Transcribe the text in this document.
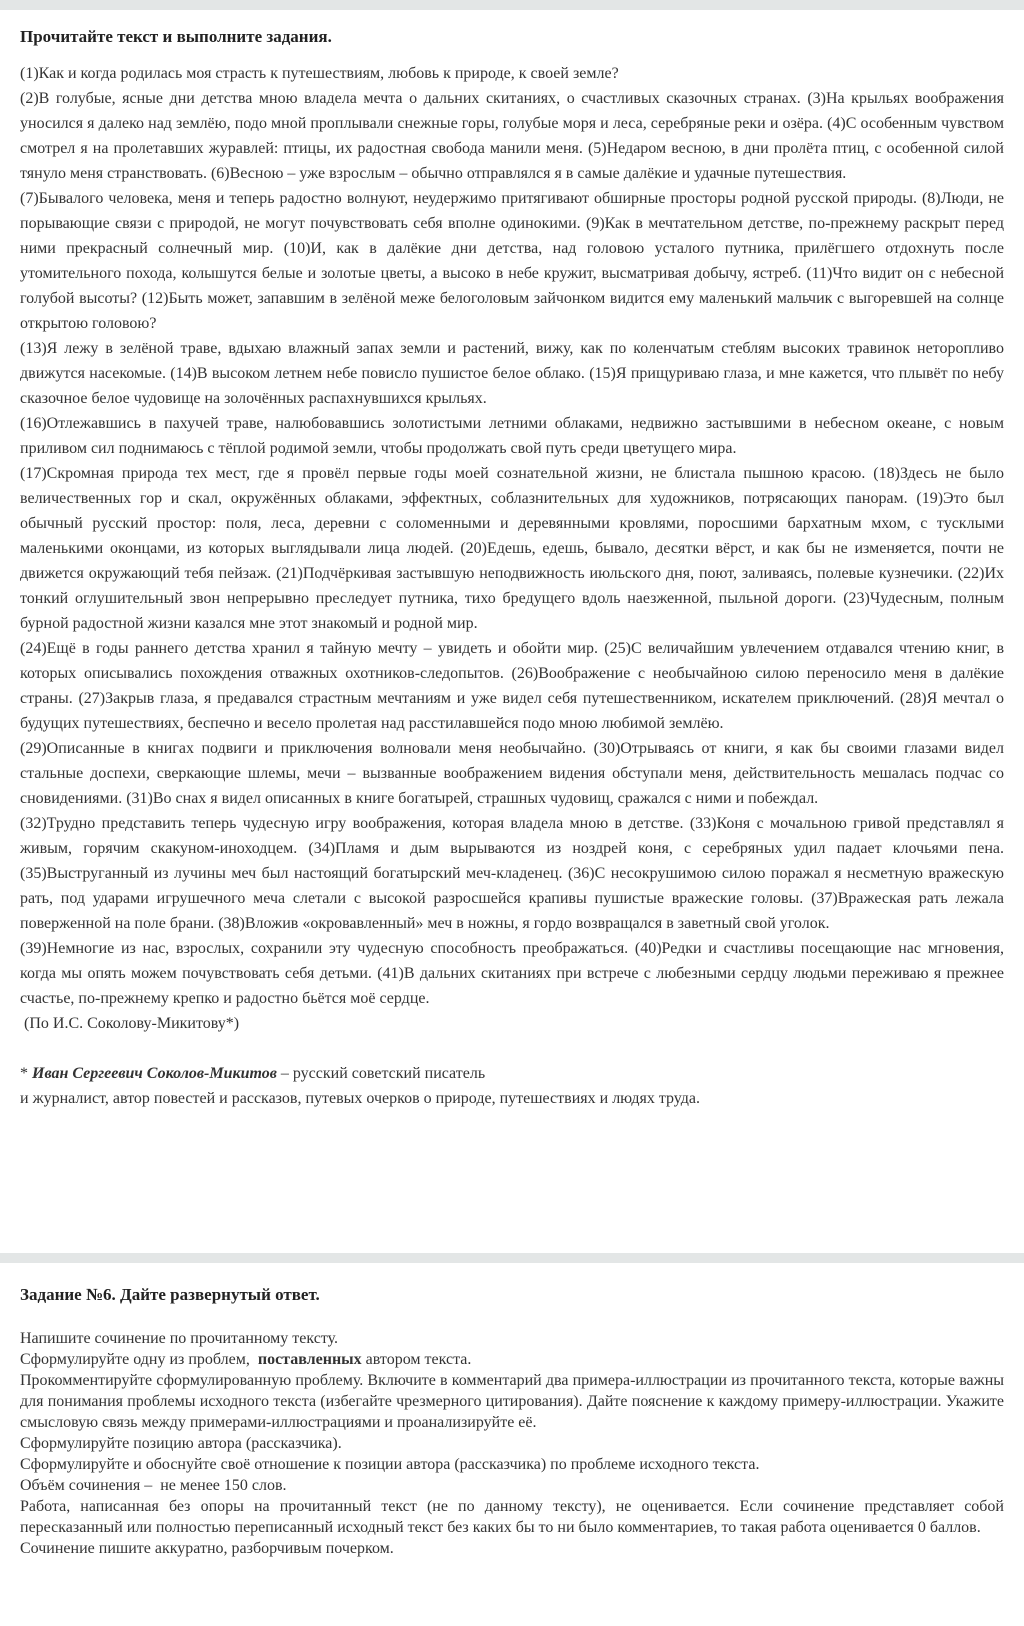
Прочитайте текст и выполните задания.

(1)Как и когда родилась моя страсть к путешествиям, любовь к природе, к своей земле?

(2)В голубые, ясные дни детства мною владела мечта о дальних скитаниях, о счастливых сказочных странах. (3)На крыльях воображения уносился я далеко над землёю, подо мной проплывали снежные горы, голубые моря и леса, серебряные реки и озёра. (4)С особенным чувством смотрел я на пролетавших журавлей: птицы, их радостная свобода манили меня. (5)Недаром весною, в дни пролёта птиц, с особенной силой тянуло меня странствовать. (6)Весною – уже взрослым – обычно отправлялся я в самые далёкие и удачные путешествия.

(7)Бывалого человека, меня и теперь радостно волнуют, неудержимо притягивают обширные просторы родной русской природы. (8)Люди, не порывающие связи с природой, не могут почувствовать себя вполне одинокими. (9)Как в мечтательном детстве, по-прежнему раскрыт перед ними прекрасный солнечный мир. (10)И, как в далёкие дни детства, над головою усталого путника, прилёгшего отдохнуть после утомительного похода, колышутся белые и золотые цветы, а высоко в небе кружит, высматривая добычу, ястреб. (11)Что видит он с небесной голубой высоты? (12)Быть может, запавшим в зелёной меже белоголовым зайчонком видится ему маленький мальчик с выгоревшей на солнце открытою головою?

(13)Я лежу в зелёной траве, вдыхаю влажный запах земли и растений, вижу, как по коленчатым стеблям высоких травинок неторопливо движутся насекомые. (14)В высоком летнем небе повисло пушистое белое облако. (15)Я прищуриваю глаза, и мне кажется, что плывёт по небу сказочное белое чудовище на золочённых распахнувшихся крыльях.

(16)Отлежавшись в пахучей траве, налюбовавшись золотистыми летними облаками, недвижно застывшими в небесном океане, с новым приливом сил поднимаюсь с тёплой родимой земли, чтобы продолжать свой путь среди цветущего мира.

(17)Скромная природа тех мест, где я провёл первые годы моей сознательной жизни, не блистала пышною красою. (18)Здесь не было величественных гор и скал, окружённых облаками, эффектных, соблазнительных для художников, потрясающих панорам. (19)Это был обычный русский простор: поля, леса, деревни с соломенными и деревянными кровлями, поросшими бархатным мхом, с тусклыми маленькими оконцами, из которых выглядывали лица людей. (20)Едешь, едешь, бывало, десятки вёрст, и как бы не изменяется, почти не движется окружающий тебя пейзаж. (21)Подчёркивая застывшую неподвижность июльского дня, поют, заливаясь, полевые кузнечики. (22)Их тонкий оглушительный звон непрерывно преследует путника, тихо бредущего вдоль наезженной, пыльной дороги. (23)Чудесным, полным бурной радостной жизни казался мне этот знакомый и родной мир.

(24)Ещё в годы раннего детства хранил я тайную мечту – увидеть и обойти мир. (25)С величайшим увлечением отдавался чтению книг, в которых описывались похождения отважных охотников-следопытов. (26)Воображение с необычайною силою переносило меня в далёкие страны. (27)Закрыв глаза, я предавался страстным мечтаниям и уже видел себя путешественником, искателем приключений. (28)Я мечтал о будущих путешествиях, беспечно и весело пролетая над расстилавшейся подо мною любимой землёю.

(29)Описанные в книгах подвиги и приключения волновали меня необычайно. (30)Отрываясь от книги, я как бы своими глазами видел стальные доспехи, сверкающие шлемы, мечи – вызванные воображением видения обступали меня, действительность мешалась подчас со сновидениями. (31)Во снах я видел описанных в книге богатырей, страшных чудовищ, сражался с ними и побеждал.

(32)Трудно представить теперь чудесную игру воображения, которая владела мною в детстве. (33)Коня с мочальною гривой представлял я живым, горячим скакуном-иноходцем. (34)Пламя и дым вырываются из ноздрей коня, с серебряных удил падает клочьями пена. (35)Выструганный из лучины меч был настоящий богатырский меч-кладенец. (36)С несокрушимою силою поражал я несметную вражескую рать, под ударами игрушечного меча слетали с высокой разросшейся крапивы пушистые вражеские головы. (37)Вражеская рать лежала поверженной на поле брани. (38)Вложив «окровавленный» меч в ножны, я гордо возвращался в заветный свой уголок.

(39)Немногие из нас, взрослых, сохранили эту чудесную способность преображаться. (40)Редки и счастливы посещающие нас мгновения, когда мы опять можем почувствовать себя детьми. (41)В дальних скитаниях при встрече с любезными сердцу людьми переживаю я прежнее счастье, по-прежнему крепко и радостно бьётся моё сердце.

(По И.С. Соколову-Микитову*)

* Иван Сергеевич Соколов-Микитов – русский советский писатель
и журналист, автор повестей и рассказов, путевых очерков о природе, путешествиях и людях труда.
Задание №6. Дайте развернутый ответ.

Напишите сочинение по прочитанному тексту.

Сформулируйте одну из проблем,  поставленных автором текста.

Прокомментируйте сформулированную проблему. Включите в комментарий два примера-иллюстрации из прочитанного текста, которые важны для понимания проблемы исходного текста (избегайте чрезмерного цитирования). Дайте пояснение к каждому примеру-иллюстрации. Укажите смысловую связь между примерами-иллюстрациями и проанализируйте её.

Сформулируйте позицию автора (рассказчика).

Сформулируйте и обоснуйте своё отношение к позиции автора (рассказчика) по проблеме исходного текста.

Объём сочинения –  не менее 150 слов.

Работа, написанная без опоры на прочитанный текст (не по данному тексту), не оценивается. Если сочинение представляет собой пересказанный или полностью переписанный исходный текст без каких бы то ни было комментариев, то такая работа оценивается 0 баллов.

Сочинение пишите аккуратно, разборчивым почерком.
